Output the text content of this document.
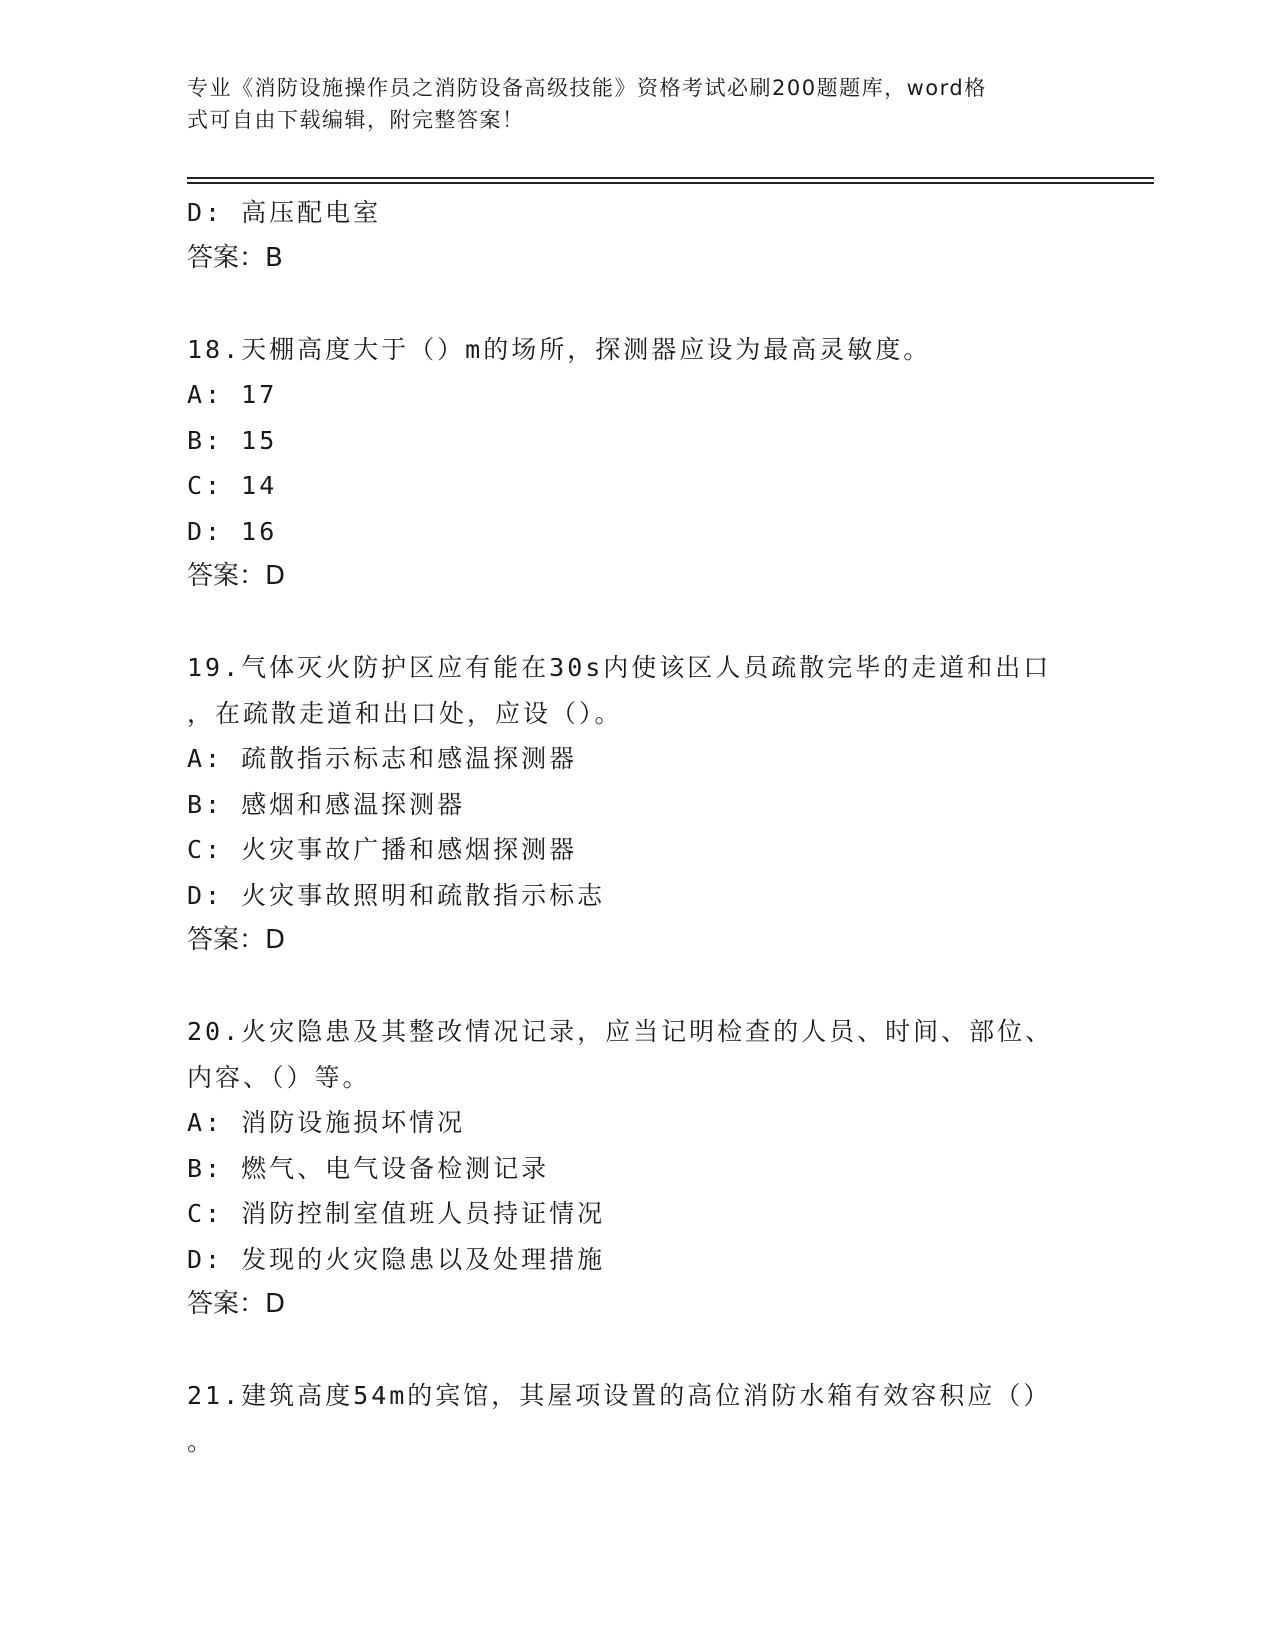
专业《消防设施操作员之消防设备高级技能》资格考试必刷200题题库，word格
式可自由下载编辑，附完整答案！
D: 高压配电室
答案：B
18.天棚高度大于（）m的场所，探测器应设为最高灵敏度。
A: 17
B: 15
C: 14
D: 16
答案：D
19.气体灭火防护区应有能在30s内使该区人员疏散完毕的走道和出口
，在疏散走道和出口处，应设（）。
A: 疏散指示标志和感温探测器
B: 感烟和感温探测器
C: 火灾事故广播和感烟探测器
D: 火灾事故照明和疏散指示标志
答案：D
20.火灾隐患及其整改情况记录，应当记明检查的人员、时间、部位、
内容、（）等。
A: 消防设施损坏情况
B: 燃气、电气设备检测记录
C: 消防控制室值班人员持证情况
D: 发现的火灾隐患以及处理措施
答案：D
21.建筑高度54m的宾馆，其屋项设置的高位消防水箱有效容积应（）
。
